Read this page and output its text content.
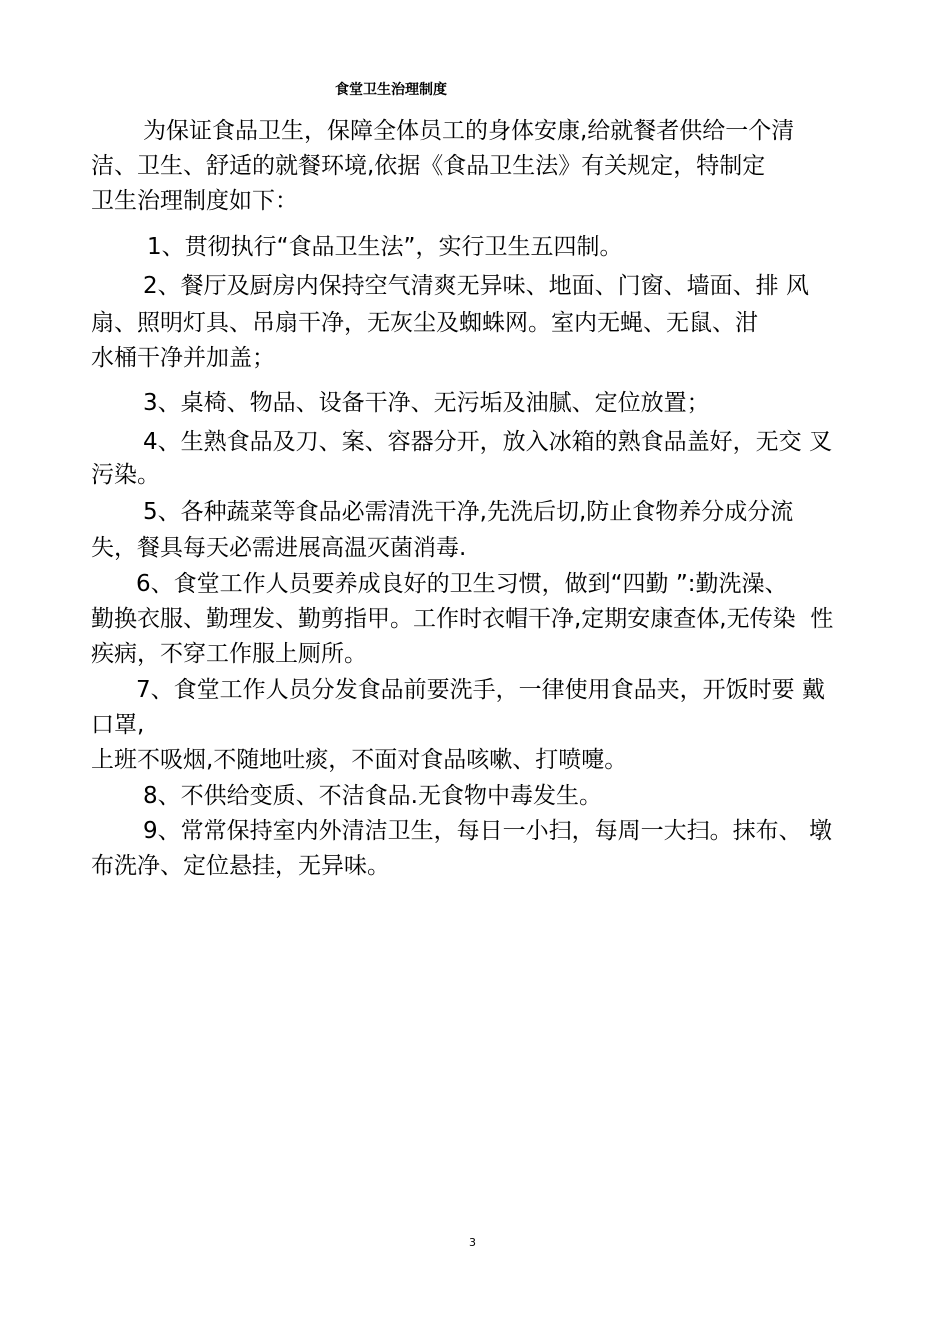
食堂卫生治理制度
为保证食品卫生，保障全体员工的身体安康,给就餐者供给一个清
洁、卫生、舒适的就餐环境,依据《食品卫生法》有关规定，特制定
卫生治理制度如下：
1、贯彻执行“食品卫生法”，实行卫生五四制。
2、餐厅及厨房内保持空气清爽无异味、地面、门窗、墙面、排 风
扇、照明灯具、吊扇干净，无灰尘及蜘蛛网。室内无蝇、无鼠、泔
水桶干净并加盖；
3、桌椅、物品、设备干净、无污垢及油腻、定位放置；
4、生熟食品及刀、案、容器分开，放入冰箱的熟食品盖好，无交 叉
污染。
5、各种蔬菜等食品必需清洗干净,先洗后切,防止食物养分成分流
失，餐具每天必需进展高温灭菌消毒.
6、食堂工作人员要养成良好的卫生习惯，做到“四勤 ”:勤洗澡、
勤换衣服、勤理发、勤剪指甲。工作时衣帽干净,定期安康查体,无传染  性
疾病，不穿工作服上厕所。
7、食堂工作人员分发食品前要洗手，一律使用食品夹，开饭时要 戴
口罩,
上班不吸烟,不随地吐痰，不面对食品咳嗽、打喷嚏。
8、不供给变质、不洁食品.无食物中毒发生。
9、常常保持室内外清洁卫生，每日一小扫，每周一大扫。抹布、 墩
布洗净、定位悬挂，无异味。
3
